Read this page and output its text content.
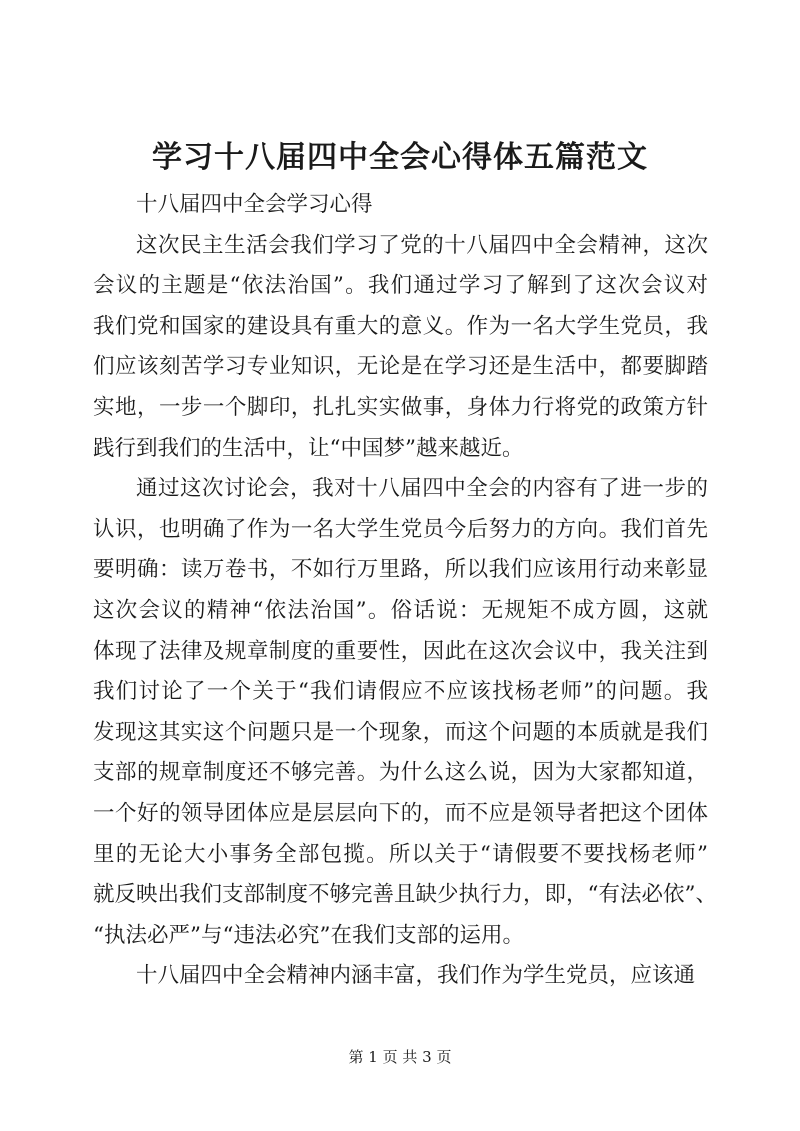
学习十八届四中全会心得体五篇范文

十八届四中全会学习心得

这次民主生活会我们学习了党的十八届四中全会精神，这次
会议的主题是“依法治国”。我们通过学习了解到了这次会议对
我们党和国家的建设具有重大的意义。作为一名大学生党员，我
们应该刻苦学习专业知识，无论是在学习还是生活中，都要脚踏
实地，一步一个脚印，扎扎实实做事，身体力行将党的政策方针
践行到我们的生活中，让“中国梦”越来越近。
通过这次讨论会，我对十八届四中全会的内容有了进一步的
认识，也明确了作为一名大学生党员今后努力的方向。我们首先
要明确：读万卷书，不如行万里路，所以我们应该用行动来彰显
这次会议的精神“依法治国”。俗话说：无规矩不成方圆，这就
体现了法律及规章制度的重要性，因此在这次会议中，我关注到
我们讨论了一个关于“我们请假应不应该找杨老师”的问题。我
发现这其实这个问题只是一个现象，而这个问题的本质就是我们
支部的规章制度还不够完善。为什么这么说，因为大家都知道，
一个好的领导团体应是层层向下的，而不应是领导者把这个团体
里的无论大小事务全部包揽。所以关于“请假要不要找杨老师”
就反映出我们支部制度不够完善且缺少执行力，即，“有法必依”、
“执法必严”与“违法必究”在我们支部的运用。
十八届四中全会精神内涵丰富，我们作为学生党员，应该通
第 1 页 共 3 页
